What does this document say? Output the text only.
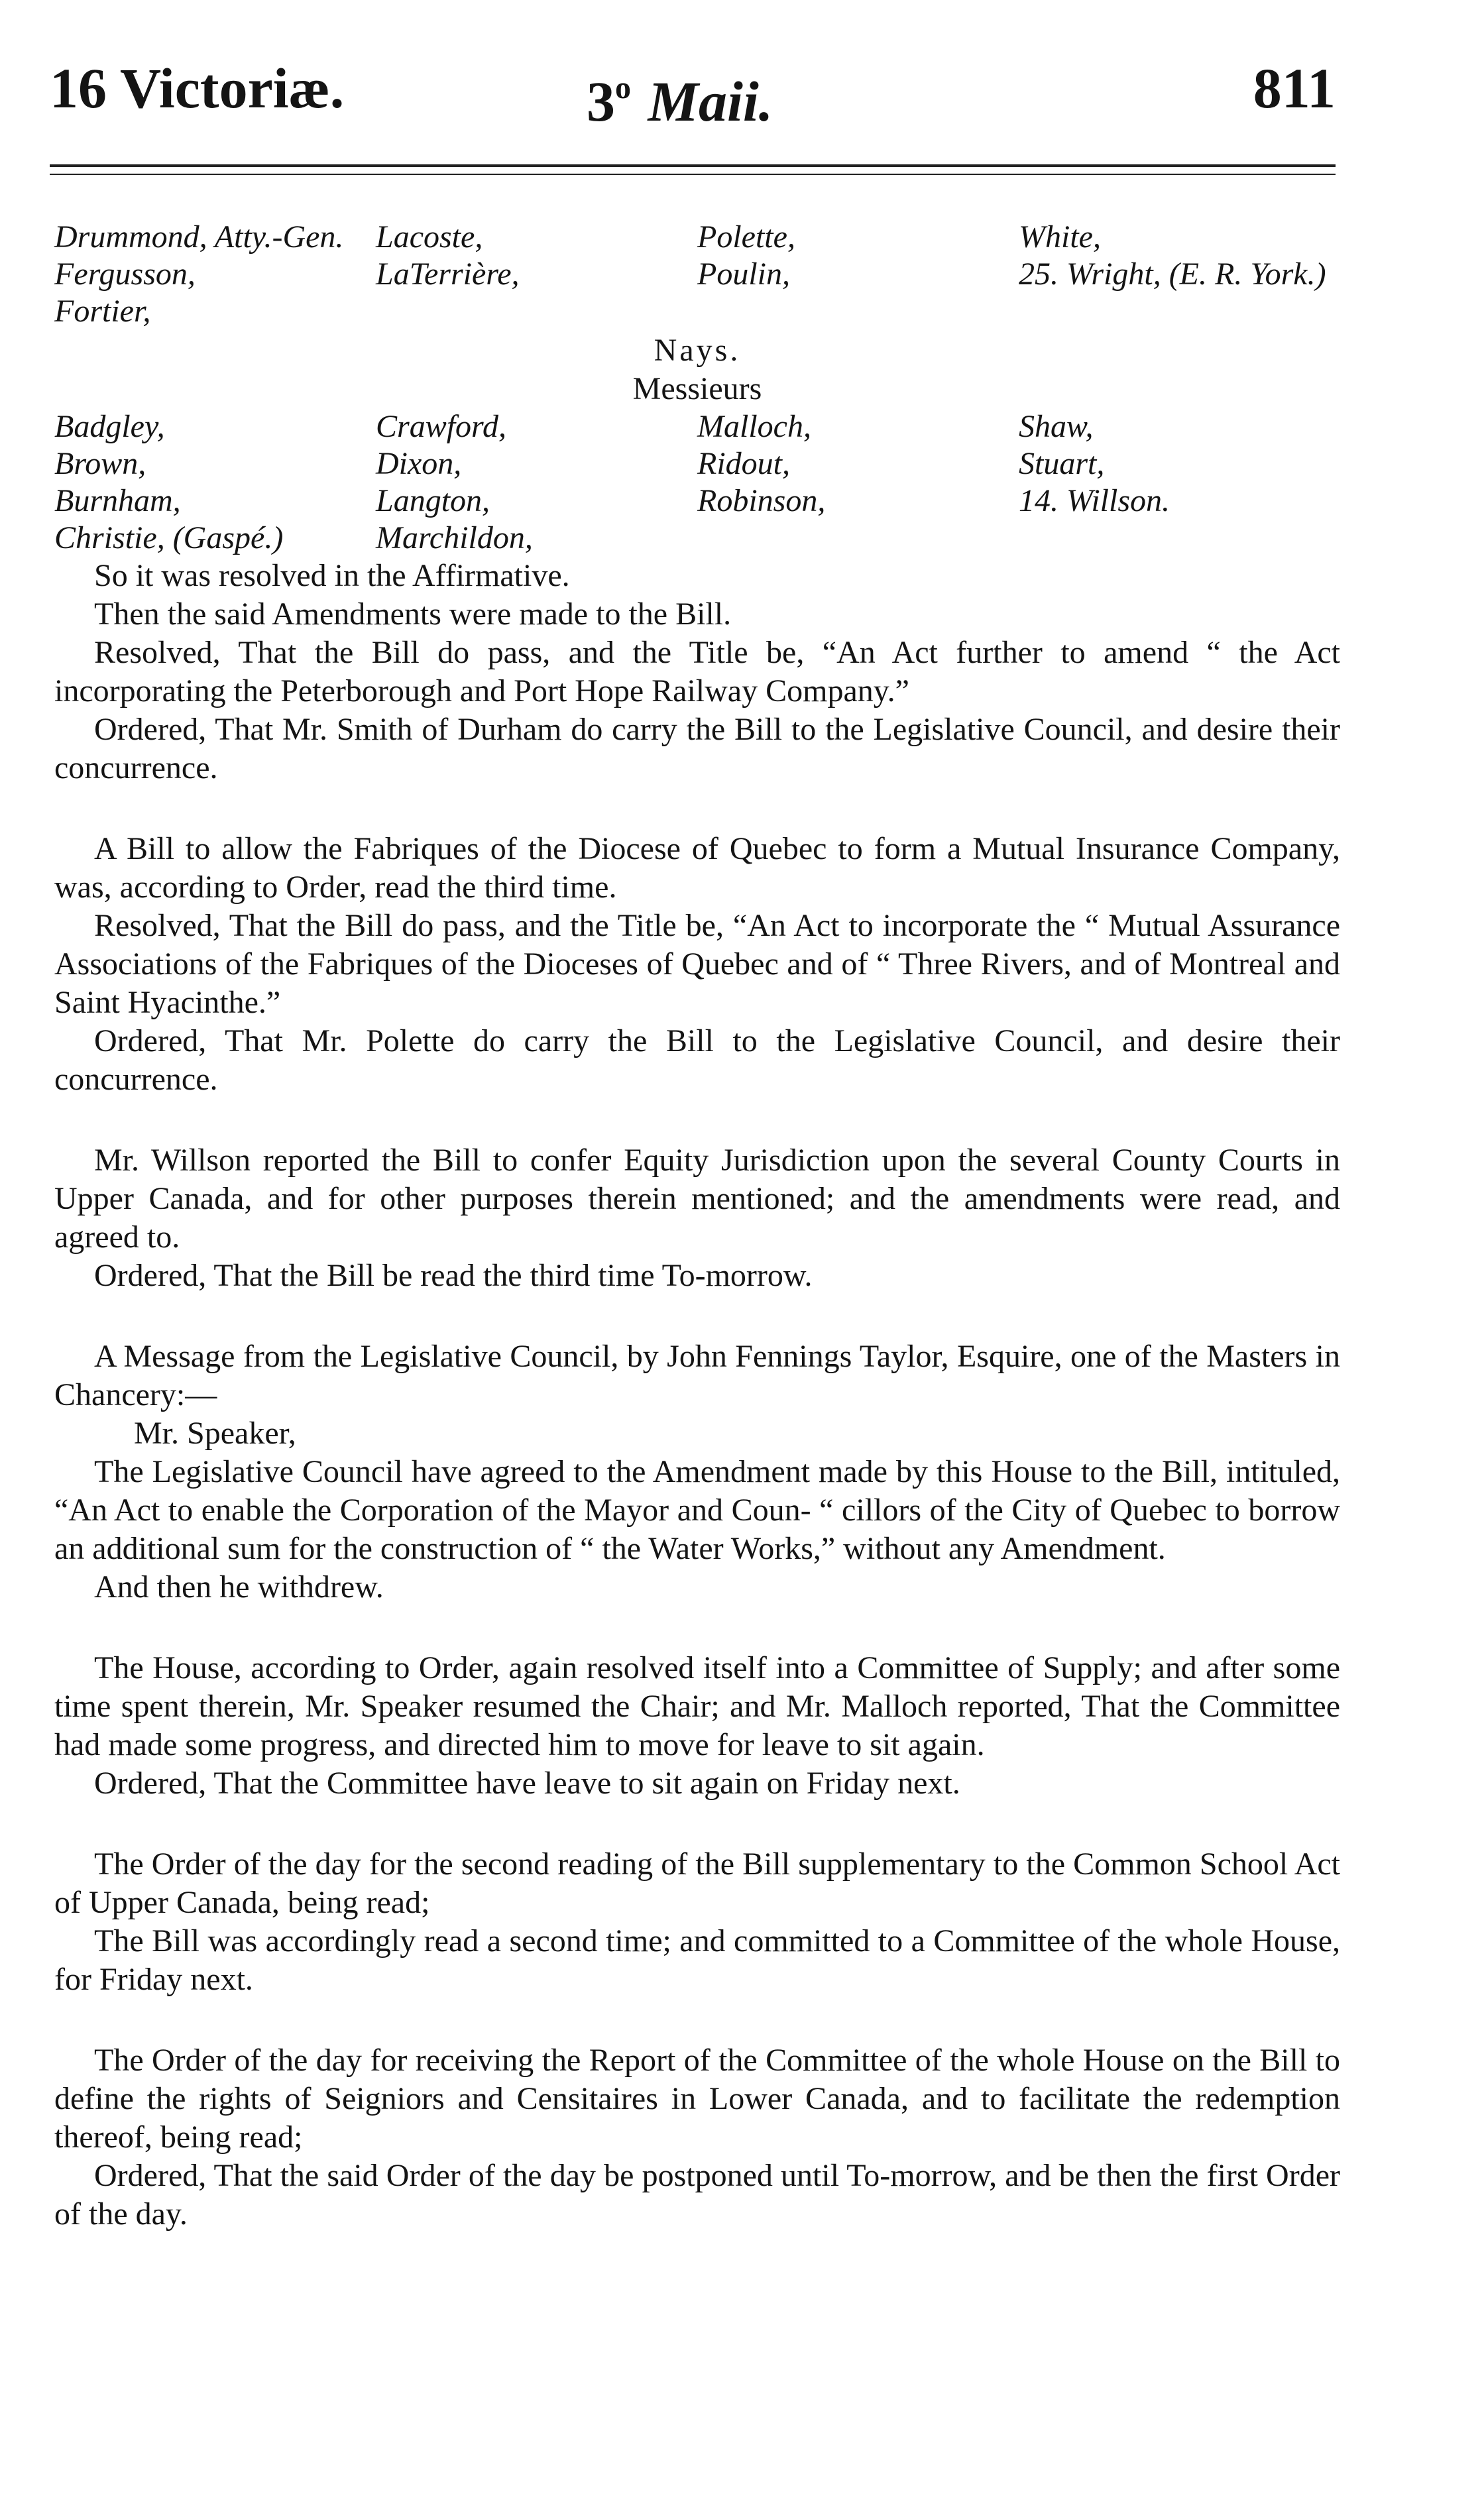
16 Victoriæ.	3$^o$ Maii.	811
Drummond, Atty.-Gen.	Lacoste,	Polette,	White,
Fergusson,	LaTerrière,	Poulin,	25. Wright, (E. R. York.)
Fortier,
Nays.
Messieurs
Badgley,	Crawford,	Malloch,	Shaw,
Brown,	Dixon,	Ridout,	Stuart,
Burnham,	Langton,	Robinson,	14. Willson.
Christie, (Gaspé.)	Marchildon,

So it was resolved in the Affirmative.

Then the said Amendments were made to the Bill.

Resolved, That the Bill do pass, and the Title be, “An Act further to amend “ the Act incorporating the Peterborough and Port Hope Railway Company.”

Ordered, That Mr. Smith of Durham do carry the Bill to the Legislative Council, and desire their concurrence.

A Bill to allow the Fabriques of the Diocese of Quebec to form a Mutual Insurance Company, was, according to Order, read the third time.

Resolved, That the Bill do pass, and the Title be, “An Act to incorporate the “ Mutual Assurance Associations of the Fabriques of the Dioceses of Quebec and of “ Three Rivers, and of Montreal and Saint Hyacinthe.”

Ordered, That Mr. Polette do carry the Bill to the Legislative Council, and desire their concurrence.

Mr. Willson reported the Bill to confer Equity Jurisdiction upon the several County Courts in Upper Canada, and for other purposes therein mentioned; and the amendments were read, and agreed to.

Ordered, That the Bill be read the third time To-morrow.

A Message from the Legislative Council, by John Fennings Taylor, Esquire, one of the Masters in Chancery:—

Mr. Speaker,

The Legislative Council have agreed to the Amendment made by this House to the Bill, intituled, “An Act to enable the Corporation of the Mayor and Coun- “ cillors of the City of Quebec to borrow an additional sum for the construction of “ the Water Works,” without any Amendment.

And then he withdrew.

The House, according to Order, again resolved itself into a Committee of Supply; and after some time spent therein, Mr. Speaker resumed the Chair; and Mr. Malloch reported, That the Committee had made some progress, and directed him to move for leave to sit again.

Ordered, That the Committee have leave to sit again on Friday next.

The Order of the day for the second reading of the Bill supplementary to the Common School Act of Upper Canada, being read;

The Bill was accordingly read a second time; and committed to a Committee of the whole House, for Friday next.

The Order of the day for receiving the Report of the Committee of the whole House on the Bill to define the rights of Seigniors and Censitaires in Lower Canada, and to facilitate the redemption thereof, being read;

Ordered, That the said Order of the day be postponed until To-morrow, and be then the first Order of the day.
